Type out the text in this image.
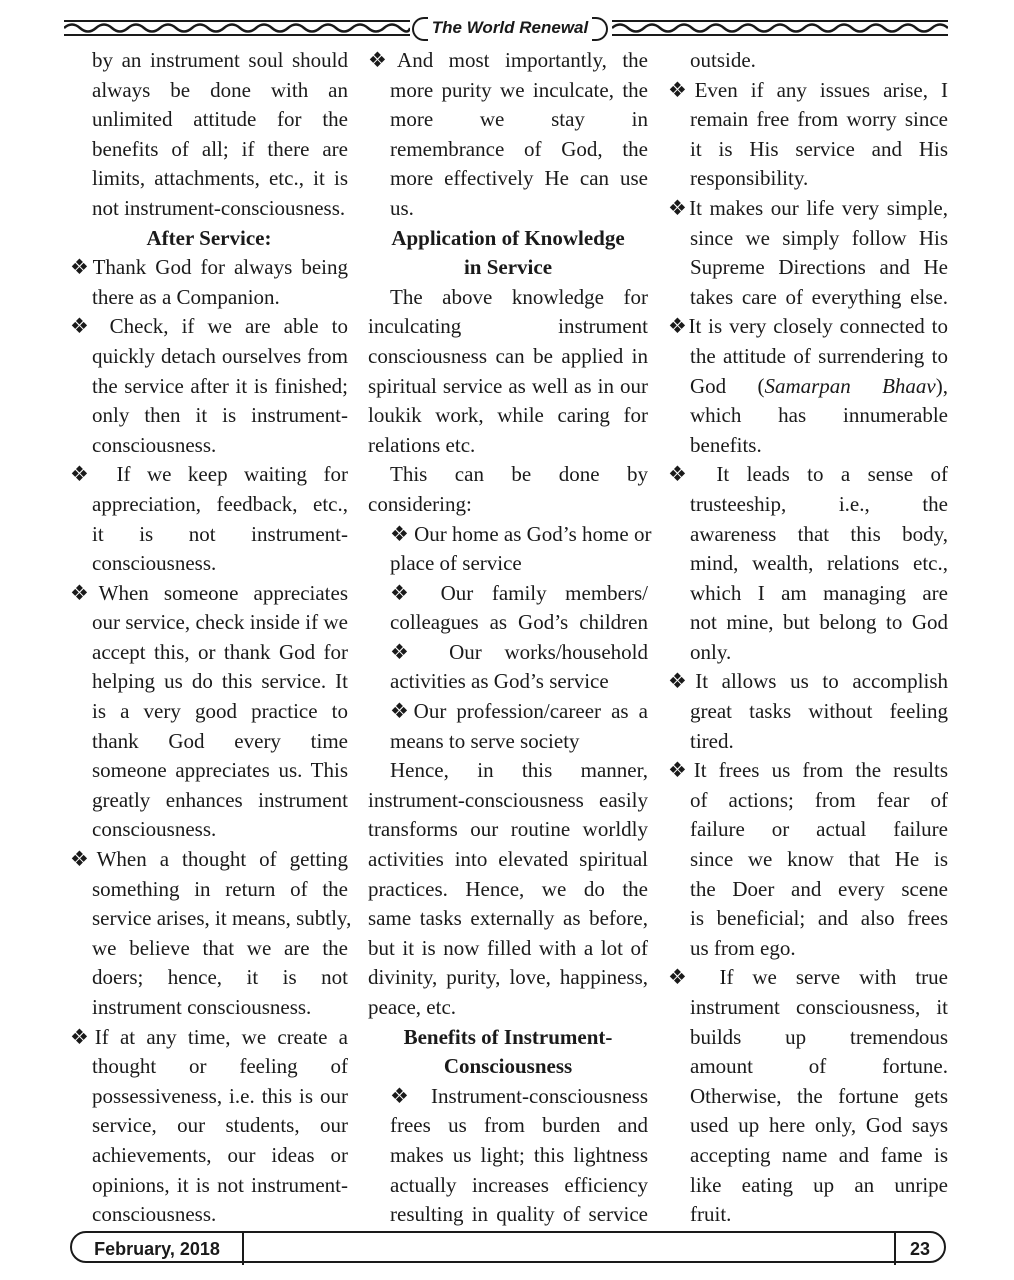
The World Renewal
by an instrument soul should
always be done with an
unlimited attitude for the
benefits of all; if there are
limits, attachments, etc., it is
not instrument-consciousness.
After Service:
❖Thank God for always being
there as a Companion.
❖ Check, if we are able to
quickly detach ourselves from
the service after it is finished;
only then it is instrument-
consciousness.
❖ If we keep waiting for
appreciation, feedback, etc.,
it is not instrument-
consciousness.
❖When someone appreciates
our service, check inside if we
accept this, or thank God for
helping us do this service. It
is a very good practice to
thank God every time
someone appreciates us. This
greatly enhances instrument
consciousness.
❖When a thought of getting
something in return of the
service arises, it means, subtly,
we believe that we are the
doers; hence, it is not
instrument consciousness.
❖If at any time, we create a
thought or feeling of
possessiveness, i.e. this is our
service, our students, our
achievements, our ideas or
opinions, it is not instrument-
consciousness.
❖And most importantly, the
more purity we inculcate, the
more we stay in
remembrance of God, the
more effectively He can use
us.
Application of Knowledge
in Service
The above knowledge for
inculcating instrument
consciousness can be applied in
spiritual service as well as in our
loukik work, while caring for
relations etc.
This can be done by
considering:
❖ Our home as God’s home or
place of service
❖ Our family members/
colleagues as God’s children
❖ Our works/household
activities as God’s service
❖Our profession/career as a
means to serve society
Hence, in this manner,
instrument-consciousness easily
transforms our routine worldly
activities into elevated spiritual
practices. Hence, we do the
same tasks externally as before,
but it is now filled with a lot of
divinity, purity, love, happiness,
peace, etc.
Benefits of Instrument-
Consciousness
❖Instrument-consciousness
frees us from burden and
makes us light; this lightness
actually increases efficiency
resulting in quality of service
outside.
❖Even if any issues arise, I
remain free from worry since
it is His service and His
responsibility.
❖It makes our life very simple,
since we simply follow His
Supreme Directions and He
takes care of everything else.
❖It is very closely connected to
the attitude of surrendering to
God (Samarpan Bhaav),
which has innumerable
benefits.
❖ It leads to a sense of
trusteeship, i.e., the
awareness that this body,
mind, wealth, relations etc.,
which I am managing are
not mine, but belong to God
only.
❖It allows us to accomplish
great tasks without feeling
tired.
❖It frees us from the results
of actions; from fear of
failure or actual failure
since we know that He is
the Doer and every scene
is beneficial; and also frees
us from ego.
❖ If we serve with true
instrument consciousness, it
builds up tremendous
amount of fortune.
Otherwise, the fortune gets
used up here only, God says
accepting name and fame is
like eating up an unripe
fruit.
February, 2018	23
